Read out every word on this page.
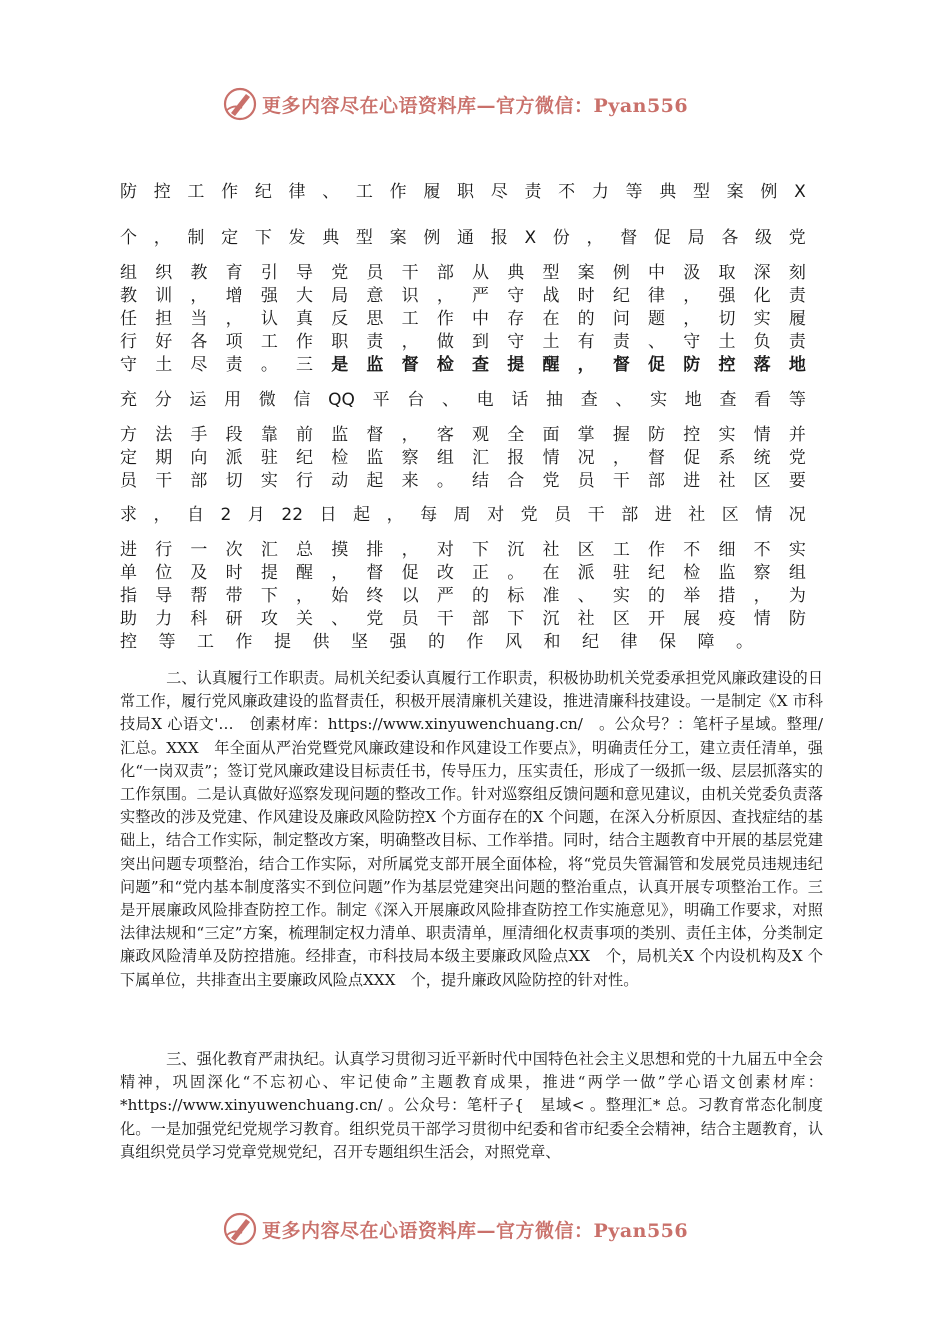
更多内容尽在心语资料库—官方微信：Pyan556
防 控 工 作 纪 律 、 工 作 履 职 尽 责 不 力 等 典 型 案 例 X
个 ， 制 定 下 发 典 型 案 例 通 报 X 份 ， 督 促 局 各 级 党
组 织 教 育 引 导 党 员 干 部 从 典 型 案 例 中 汲 取 深 刻
教 训 ， 增 强 大 局 意 识 ， 严 守 战 时 纪 律 ， 强 化 责
任 担 当 ， 认 真 反 思 工 作 中 存 在 的 问 题 ， 切 实 履
行 好 各 项 工 作 职 责 ， 做 到 守 土 有 责 、 守 土 负 责
守 土 尽 责 。 三 是 监 督 检 查 提 醒 ， 督 促 防 控 落 地
充 分 运 用 微 信 QQ 平 台 、 电 话 抽 查 、 实 地 查 看 等
方 法 手 段 靠 前 监 督 ， 客 观 全 面 掌 握 防 控 实 情 并
定 期 向 派 驻 纪 检 监 察 组 汇 报 情 况 ， 督 促 系 统 党
员 干 部 切 实 行 动 起 来 。 结 合 党 员 干 部 进 社 区 要
求 ， 自 2 月 22 日 起 ， 每 周 对 党 员 干 部 进 社 区 情 况
进 行 一 次 汇 总 摸 排 ， 对 下 沉 社 区 工 作 不 细 不 实
单 位 及 时 提 醒 ， 督 促 改 正 。 在 派 驻 纪 检 监 察 组
指 导 帮 带 下 ， 始 终 以 严 的 标 准 、 实 的 举 措 ， 为
助 力 科 研 攻 关 、 党 员 干 部 下 沉 社 区 开 展 疫 情 防
控 等 工 作 提 供 坚 强 的 作 风 和 纪 律 保 障 。

二、认真履行工作职责。局机关纪委认真履行工作职责，积极协助机关党委承担党风廉政建设的日常工作，履行党风廉政建设的监督责任，积极开展清廉机关建设，推进清廉科技建设。一是制定《X 市科技局X 心语文'…　创素材库：https://www.xinyuwenchuang.cn/　。公众号？：笔杆子星域。整理/　汇总。XXX　年全面从严治党暨党风廉政建设和作风建设工作要点》，明确责任分工，建立责任清单，强化“一岗双责”；签订党风廉政建设目标责任书，传导压力，压实责任，形成了一级抓一级、层层抓落实的工作氛围。二是认真做好巡察发现问题的整改工作。针对巡察组反馈问题和意见建议，由机关党委负责落实整改的涉及党建、作风建设及廉政风险防控X 个方面存在的X 个问题，在深入分析原因、查找症结的基础上，结合工作实际，制定整改方案，明确整改目标、工作举措。同时，结合主题教育中开展的基层党建突出问题专项整治，结合工作实际，对所属党支部开展全面体检，将“党员失管漏管和发展党员违规违纪问题”和“党内基本制度落实不到位问题”作为基层党建突出问题的整治重点，认真开展专项整治工作。三是开展廉政风险排查防控工作。制定《深入开展廉政风险排查防控工作实施意见》，明确工作要求，对照法律法规和“三定”方案，梳理制定权力清单、职责清单，厘清细化权责事项的类别、责任主体，分类制定廉政风险清单及防控措施。经排查，市科技局本级主要廉政风险点XX　个，局机关X 个内设机构及X 个下属单位，共排查出主要廉政风险点XXX　个，提升廉政风险防控的针对性。

三、强化教育严肃执纪。认真学习贯彻习近平新时代中国特色社会主义思想和党的十九届五中全会精神，巩固深化“不忘初心、牢记使命”主题教育成果，推进“两学一做”学心语文创素材库：*https://www.xinyuwenchuang.cn/ 。公众号：笔杆子{　星域< 。整理汇* 总。习教育常态化制度化。一是加强党纪党规学习教育。组织党员干部学习贯彻中纪委和省市纪委全会精神，结合主题教育，认真组织党员学习党章党规党纪，召开专题组织生活会，对照党章、

更多内容尽在心语资料库—官方微信：Pyan556
